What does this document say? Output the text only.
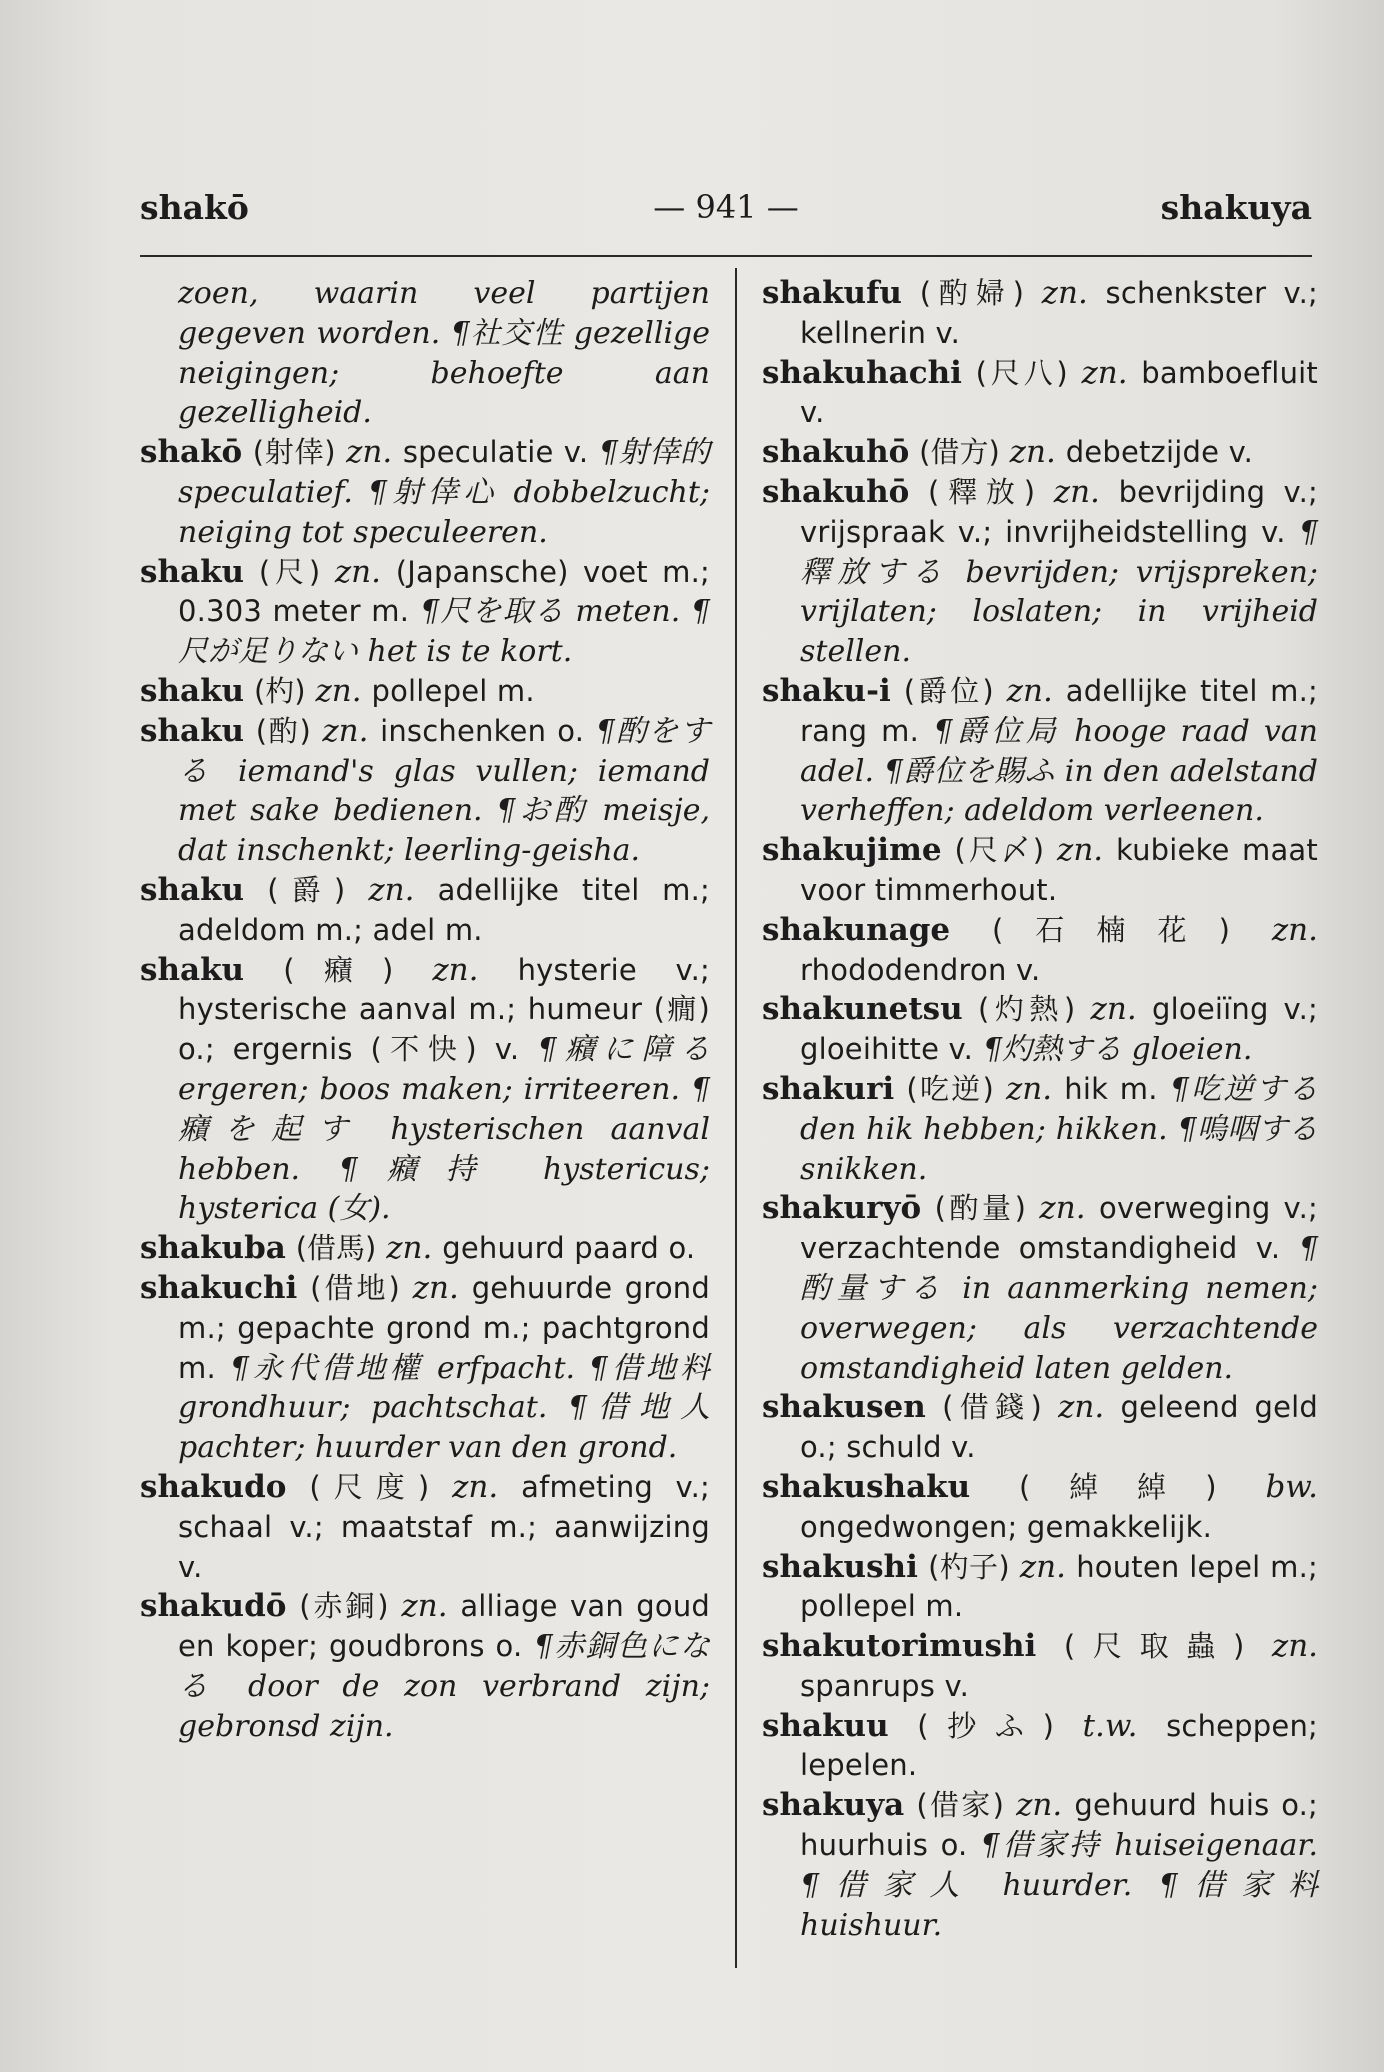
shakō	— 941 —	shakuya

zoen, waarin veel partijen gegeven worden. ¶社交性 gezellige neigingen; behoefte aan gezelligheid.

shakō (射倖) zn. speculatie v. ¶射倖的 speculatief. ¶射倖心 dobbelzucht; neiging tot speculeeren.

shaku (尺) zn. (Japansche) voet m.; 0.303 meter m. ¶尺を取る meten. ¶尺が足りない het is te kort.

shaku (杓) zn. pollepel m.

shaku (酌) zn. inschenken o. ¶酌をする iemand's glas vullen; iemand met sake bedienen. ¶お酌 meisje, dat inschenkt; leerling-geisha.

shaku (爵) zn. adellijke titel m.; adeldom m.; adel m.

shaku (癪) zn. hysterie v.; hysterische aanval m.; humeur (癇) o.; ergernis (不快) v. ¶癪に障る ergeren; boos maken; irriteeren. ¶癪を起す hysterischen aanval hebben. ¶癪持 hystericus; hysterica (女).

shakuba (借馬) zn. gehuurd paard o.

shakuchi (借地) zn. gehuurde grond m.; gepachte grond m.; pachtgrond m. ¶永代借地權 erfpacht. ¶借地料 grondhuur; pachtschat. ¶借地人 pachter; huurder van den grond.

shakudo (尺度) zn. afmeting v.; schaal v.; maatstaf m.; aanwijzing v.

shakudō (赤銅) zn. alliage van goud en koper; goudbrons o. ¶赤銅色になる door de zon verbrand zijn; gebronsd zijn.

shakufu (酌婦) zn. schenkster v.; kellnerin v.

shakuhachi (尺八) zn. bamboefluit v.

shakuhō (借方) zn. debetzijde v.

shakuhō (釋放) zn. bevrijding v.; vrijspraak v.; invrijheidstelling v. ¶釋放する bevrijden; vrijspreken; vrijlaten; loslaten; in vrijheid stellen.

shaku-i (爵位) zn. adellijke titel m.; rang m. ¶爵位局 hooge raad van adel. ¶爵位を賜ふ in den adelstand verheffen; adeldom verleenen.

shakujime (尺〆) zn. kubieke maat voor timmerhout.

shakunage (石楠花) zn. rhododendron v.

shakunetsu (灼熱) zn. gloeiïng v.; gloeihitte v. ¶灼熱する gloeien.

shakuri (吃逆) zn. hik m. ¶吃逆する den hik hebben; hikken. ¶嗚咽する snikken.

shakuryō (酌量) zn. overweging v.; verzachtende omstandigheid v. ¶酌量する in aanmerking nemen; overwegen; als verzachtende omstandigheid laten gelden.

shakusen (借錢) zn. geleend geld o.; schuld v.

shakushaku (綽綽) bw. ongedwongen; gemakkelijk.

shakushi (杓子) zn. houten lepel m.; pollepel m.

shakutorimushi (尺取蟲) zn. spanrups v.

shakuu (抄ふ) t.w. scheppen; lepelen.

shakuya (借家) zn. gehuurd huis o.; huurhuis o. ¶借家持 huiseigenaar. ¶借家人 huurder. ¶借家料 huishuur.
